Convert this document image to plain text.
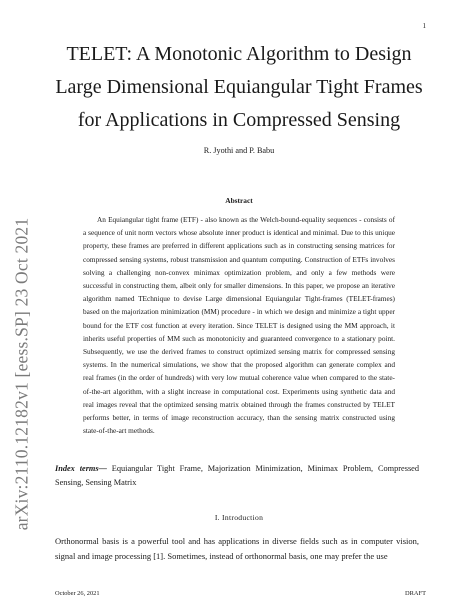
1
arXiv:2110.12182v1 [eess.SP] 23 Oct 2021
TELET: A Monotonic Algorithm to Design
Large Dimensional Equiangular Tight Frames
for Applications in Compressed Sensing
R. Jyothi and P. Babu
Abstract

An Equiangular tight frame (ETF) - also known as the Welch-bound-equality sequences - consists of a sequence of unit norm vectors whose absolute inner product is identical and minimal. Due to this unique property, these frames are preferred in different applications such as in constructing sensing matrices for compressed sensing systems, robust transmission and quantum computing. Construction of ETFs involves solving a challenging non-convex minimax optimization problem, and only a few methods were successful in constructing them, albeit only for smaller dimensions. In this paper, we propose an iterative algorithm named TEchnique to devise Large dimensional Equiangular Tight-frames (TELET-frames) based on the majorization minimization (MM) procedure - in which we design and minimize a tight upper bound for the ETF cost function at every iteration. Since TELET is designed using the MM approach, it inherits useful properties of MM such as monotonicity and guaranteed convergence to a stationary point. Subsequently, we use the derived frames to construct optimized sensing matrix for compressed sensing systems. In the numerical simulations, we show that the proposed algorithm can generate complex and real frames (in the order of hundreds) with very low mutual coherence value when compared to the state-of-the-art algorithm, with a slight increase in computational cost. Experiments using synthetic data and real images reveal that the optimized sensing matrix obtained through the frames constructed by TELET performs better, in terms of image reconstruction accuracy, than the sensing matrix constructed using state-of-the-art methods.

Index terms— Equiangular Tight Frame, Majorization Minimization, Minimax Problem, Compressed Sensing, Sensing Matrix
I. Introduction

Orthonormal basis is a powerful tool and has applications in diverse fields such as in computer vision, signal and image processing [1]. Sometimes, instead of orthonormal basis, one may prefer the use

October 26, 2021	DRAFT
